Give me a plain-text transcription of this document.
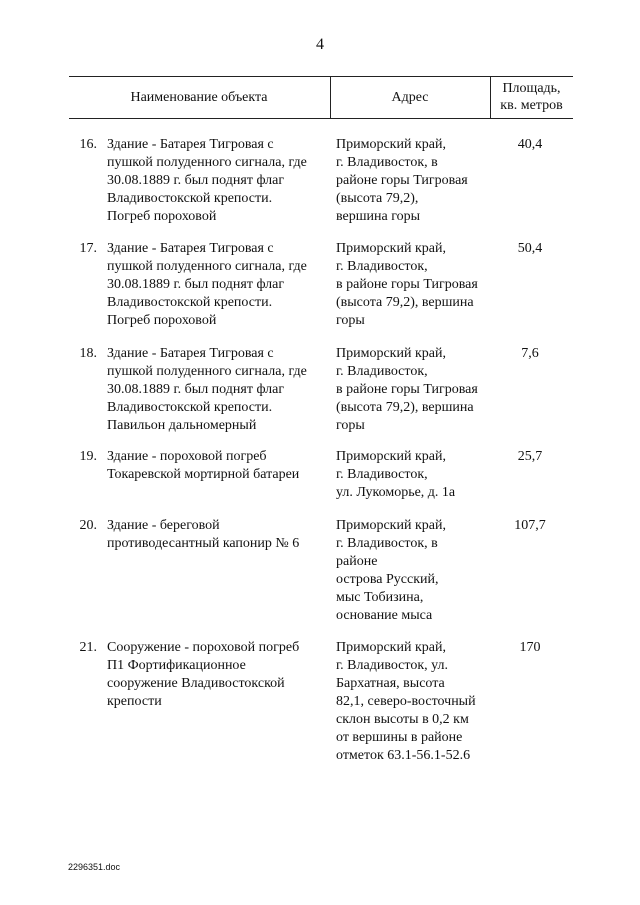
4
Наименование объекта	Адрес
Площадь,
кв. метров
16. Здание - Батарея Тигровая с
пушкой полуденного сигнала, где
30.08.1889 г. был поднят флаг
Владивостокской крепости.
Погреб пороховой
Приморский край,
г. Владивосток, в
районе горы Тигровая
(высота 79,2),
вершина горы
40,4
17. Здание - Батарея Тигровая с
пушкой полуденного сигнала, где
30.08.1889 г. был поднят флаг
Владивостокской крепости.
Погреб пороховой
Приморский край,
г. Владивосток,
в районе горы Тигровая
(высота 79,2), вершина
горы
50,4
18. Здание - Батарея Тигровая с
пушкой полуденного сигнала, где
30.08.1889 г. был поднят флаг
Владивостокской крепости.
Павильон дальномерный
Приморский край,
г. Владивосток,
в районе горы Тигровая
(высота 79,2), вершина
горы
7,6
19. Здание - пороховой погреб
Токаревской мортирной батареи
Приморский край,
г. Владивосток,
ул. Лукоморье, д. 1а
25,7
20. Здание - береговой
противодесантный капонир № 6
Приморский край,
г. Владивосток, в
районе
острова Русский,
мыс Тобизина,
основание мыса
107,7
21. Сооружение - пороховой погреб
П1 Фортификационное
сооружение Владивостокской
крепости
Приморский край,
г. Владивосток, ул.
Бархатная, высота
82,1, северо-восточный
склон высоты в 0,2 км
от вершины в районе
отметок 63.1-56.1-52.6
170
2296351.doc
